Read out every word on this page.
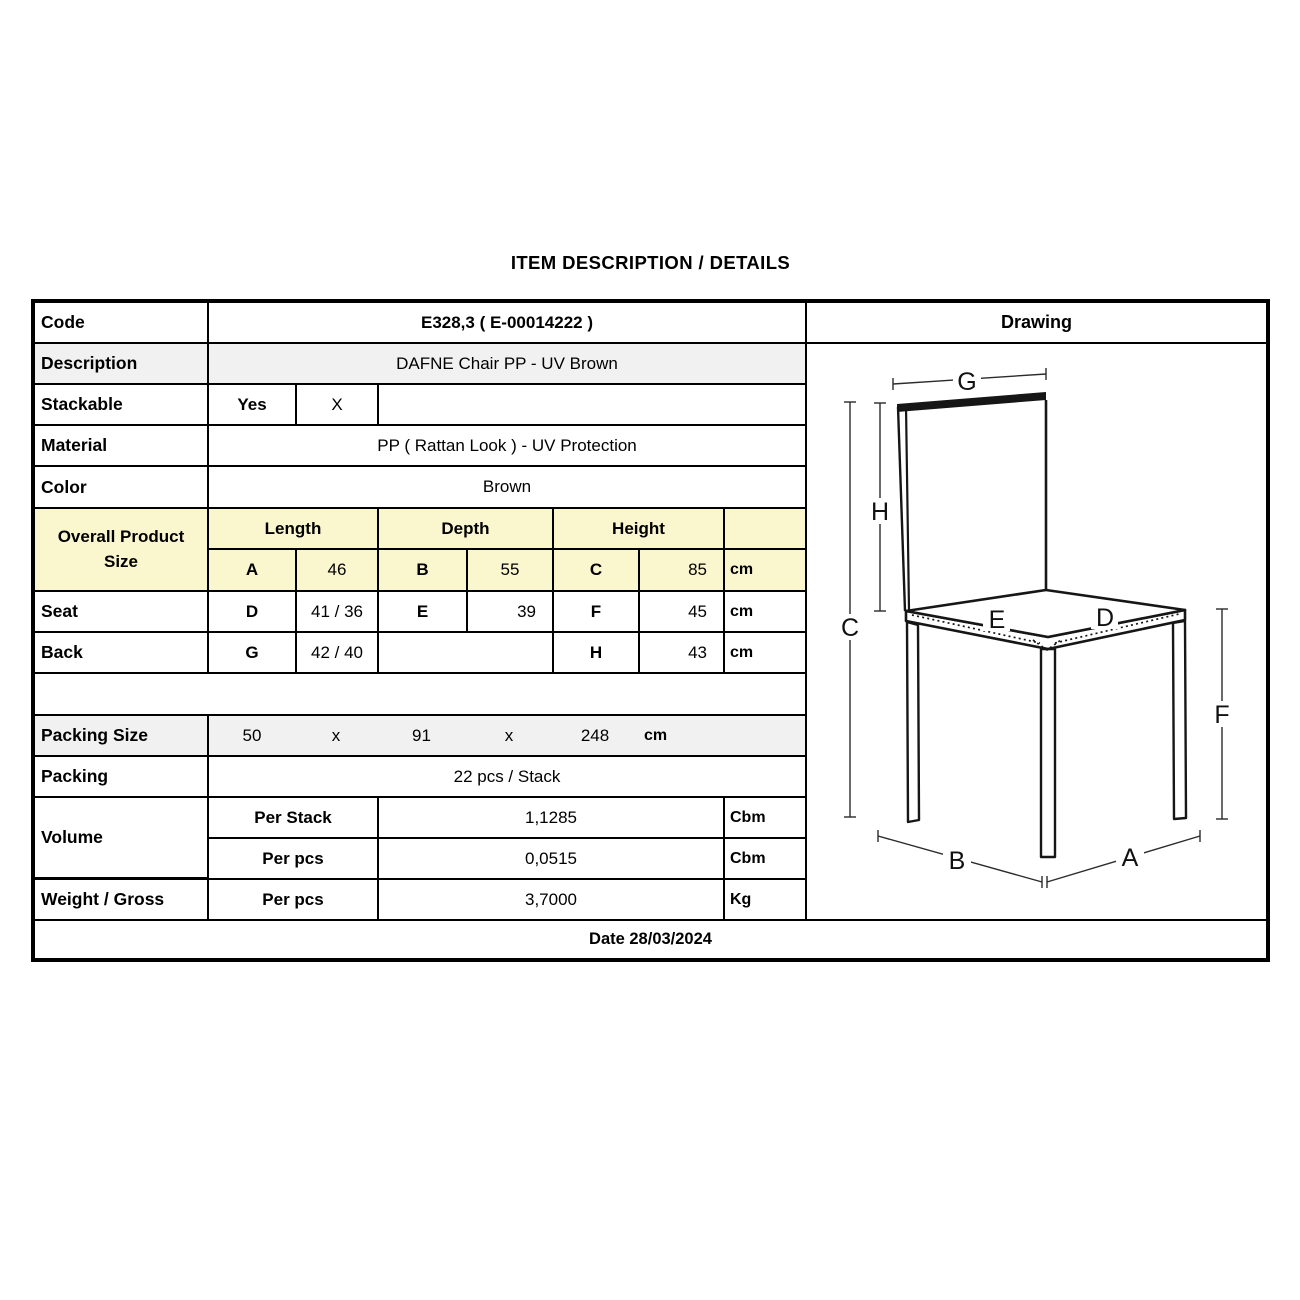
ITEM DESCRIPTION / DETAILS
Code	E328,3 ( E-00014222 )	Drawing
Description	DAFNE Chair PP - UV Brown
G
H
C	E	D
F
B	A
Stackable	Yes	X
Material	PP ( Rattan Look ) - UV Protection
Color	Brown
Overall Product Size
Length	Depth	Height
A	46	B	55	C	85	cm
Seat	D	41 / 36	E	39	F	45	cm
Back	G	42 / 40	H	43	cm
Packing Size	50	x	91	x	248	cm
Packing	22 pcs / Stack
Volume
Per Stack	1,1285	Cbm
Per pcs	0,0515	Cbm
Weight / Gross	Per pcs	3,7000	Kg
Date 28/03/2024
